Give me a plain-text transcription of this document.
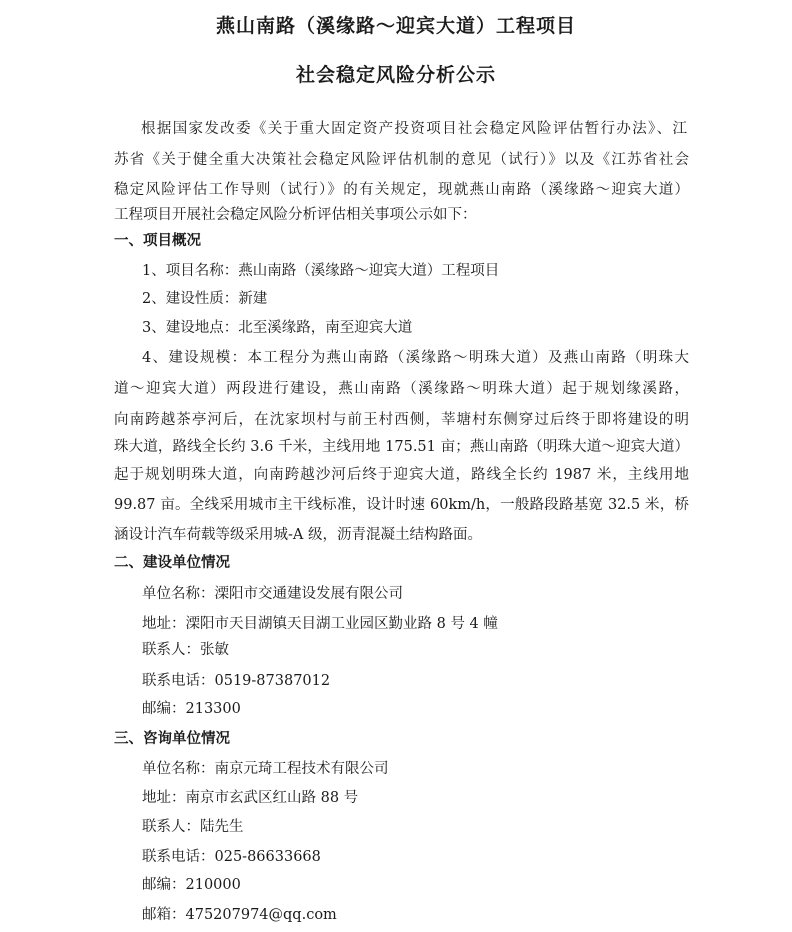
燕山南路（溪缘路～迎宾大道）工程项目
社会稳定风险分析公示

根据国家发改委《关于重大固定资产投资项目社会稳定风险评估暂行办法》、江

苏省《关于健全重大决策社会稳定风险评估机制的意见（试行）》以及《江苏省社会

稳定风险评估工作导则（试行）》的有关规定，现就燕山南路（溪缘路～迎宾大道）

工程项目开展社会稳定风险分析评估相关事项公示如下：

一、项目概况

1、项目名称：燕山南路（溪缘路～迎宾大道）工程项目

2、建设性质：新建

3、建设地点：北至溪缘路，南至迎宾大道

4、建设规模：本工程分为燕山南路（溪缘路～明珠大道）及燕山南路（明珠大

道～迎宾大道）两段进行建设，燕山南路（溪缘路～明珠大道）起于规划缘溪路，

向南跨越茶亭河后，在沈家坝村与前王村西侧，莘塘村东侧穿过后终于即将建设的明

珠大道，路线全长约 3.6 千米，主线用地 175.51 亩；燕山南路（明珠大道～迎宾大道）

起于规划明珠大道，向南跨越沙河后终于迎宾大道，路线全长约 1987 米，主线用地

99.87 亩。全线采用城市主干线标准，设计时速 60km/h，一般路段路基宽 32.5 米，桥

涵设计汽车荷载等级采用城-A 级，沥青混凝土结构路面。

二、建设单位情况

单位名称：溧阳市交通建设发展有限公司

地址：溧阳市天目湖镇天目湖工业园区勤业路 8 号 4 幢

联系人：张敏

联系电话：0519-87387012

邮编：213300

三、咨询单位情况

单位名称：南京元琦工程技术有限公司

地址：南京市玄武区红山路 88 号

联系人：陆先生

联系电话：025-86633668

邮编：210000

邮箱：475207974@qq.com
